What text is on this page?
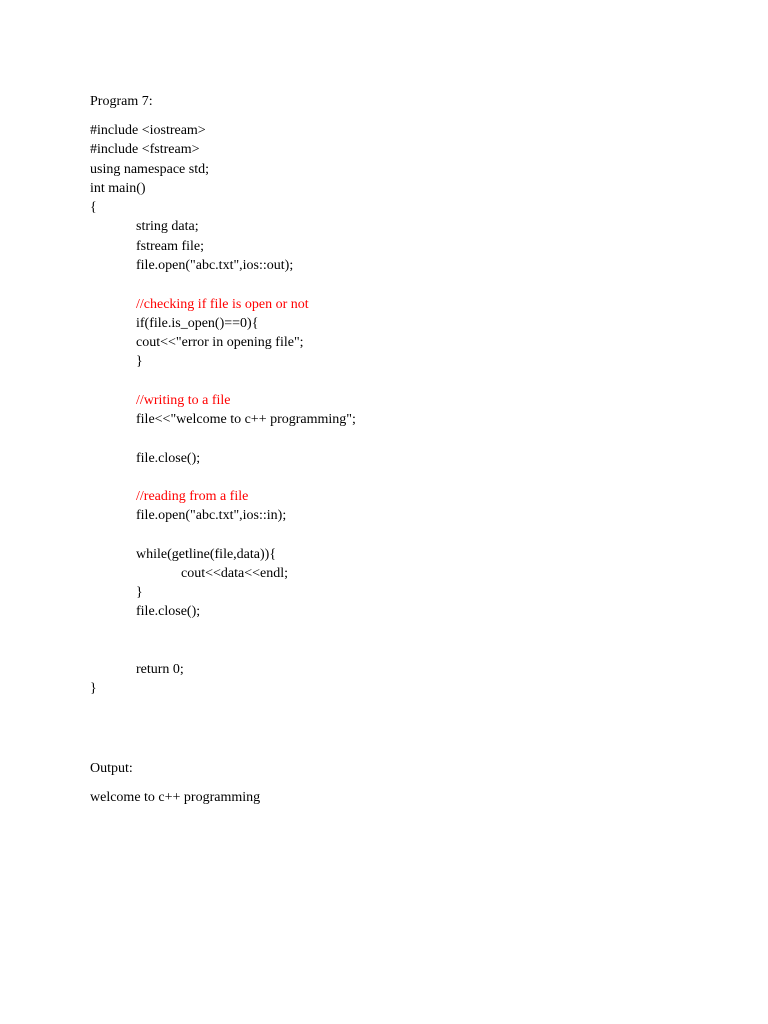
Program 7:
#include <iostream>
#include <fstream>
using namespace std;
int main()
{
string data;
fstream file;
file.open("abc.txt",ios::out);
//checking if file is open or not
if(file.is_open()==0){
cout<<"error in opening file";
}
//writing to a file
file<<"welcome to c++ programming";
file.close();
//reading from a file
file.open("abc.txt",ios::in);
while(getline(file,data)){
cout<<data<<endl;
}
file.close();
return 0;
}
Output:
welcome to c++ programming
